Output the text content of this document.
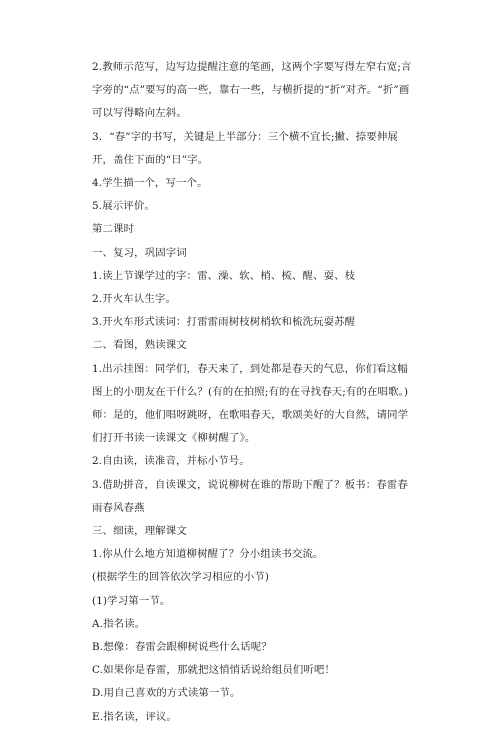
2.教师示范写，边写边提醒注意的笔画，这两个字要写得左窄右宽;言字旁的“点”要写的高一些，靠右一些，与横折提的“折”对齐。“折”画可以写得略向左斜。

3．“春”字的书写，关键是上半部分：三个横不宜长;撇、捺要伸展开，盖住下面的“日”字。

4.学生描一个，写一个。

5.展示评价。

第二课时

一、复习，巩固字词

1.读上节课学过的字：雷、澡、软、梢、梳、醒、耍、枝

2.开火车认生字。

3.开火车形式读词：打雷雷雨树枝树梢软和梳洗玩耍苏醒

二、看图，熟读课文

1.出示挂图：同学们，春天来了，到处都是春天的气息，你们看这幅图上的小朋友在干什么？(有的在拍照;有的在寻找春天;有的在唱歌。)

师：是的，他们唱呀跳呀，在歌唱春天，歌颂美好的大自然，请同学们打开书读一读课文《柳树醒了》。

2.自由读，读准音，并标小节号。

3.借助拼音，自读课文，说说柳树在谁的帮助下醒了？板书：春雷春雨春风春燕

三、细读，理解课文

1.你从什么地方知道柳树醒了？分小组读书交流。

(根据学生的回答依次学习相应的小节)

(1)学习第一节。

A.指名读。

B.想像：春雷会跟柳树说些什么话呢？

C.如果你是春雷，那就把这悄悄话说给组员们听吧！

D.用自己喜欢的方式读第一节。

E.指名读，评议。
